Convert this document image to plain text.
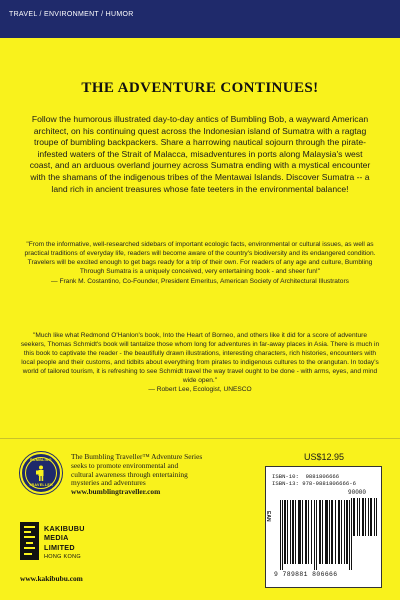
TRAVEL / ENVIRONMENT / HUMOR
THE ADVENTURE CONTINUES!

Follow the humorous illustrated day-to-day antics of Bumbling Bob, a wayward American architect, on his continuing quest across the Indonesian island of Sumatra with a ragtag troupe of bumbling backpackers. Share a harrowing nautical sojourn through the pirate-infested waters of the Strait of Malacca, misadventures in ports along Malaysia's west coast, and an arduous overland journey across Sumatra ending with a mystical encounter with the shamans of the indigenous tribes of the Mentawai Islands. Discover Sumatra -- a land rich in ancient treasures whose fate teeters in the environmental balance!

"From the informative, well-researched sidebars of important ecologic facts, environmental or cultural issues, as well as practical traditions of everyday life, readers will become aware of the country's biodiversity and its endangered condition. Travelers will be excited enough to get bags ready for a trip of their own. For readers of any age and culture, Bumbling Through Sumatra is a uniquely conceived, very entertaining book - and sheer fun!"
— Frank M. Costantino, Co-Founder, President Emeritus, American Society of Architectural Illustrators
"Much like what Redmond O'Hanlon's book, Into the Heart of Borneo, and others like it did for a score of adventure seekers, Thomas Schmidt's book will tantalize those whom long for adventures in far-away places in Asia. There is much in this book to captivate the reader - the beautifully drawn illustrations, interesting characters, rich histories, encounters with local people and their customs, and tidbits about everything from pirates to indigenous cultures to the orangutan. In today's world of tailored tourism, it is refreshing to see Schmidt travel the way travel ought to be done - with arms, eyes, and mind wide open."
— Robert Lee, Ecologist, UNESCO
BUMBLING
TRAVELLER
The Bumbling Traveller™ Adventure Series
seeks to promote environmental and
cultural awareness through entertaining
mysteries and adventures
www.bumblingtraveller.com
US$12.95
ISBN-10: 9881806666
ISBN-13: 978-9881806666-6
90000
EAN
9 789881 806666
KAKIBUBU
MEDIA
LIMITED
HONG KONG
www.kakibubu.com
